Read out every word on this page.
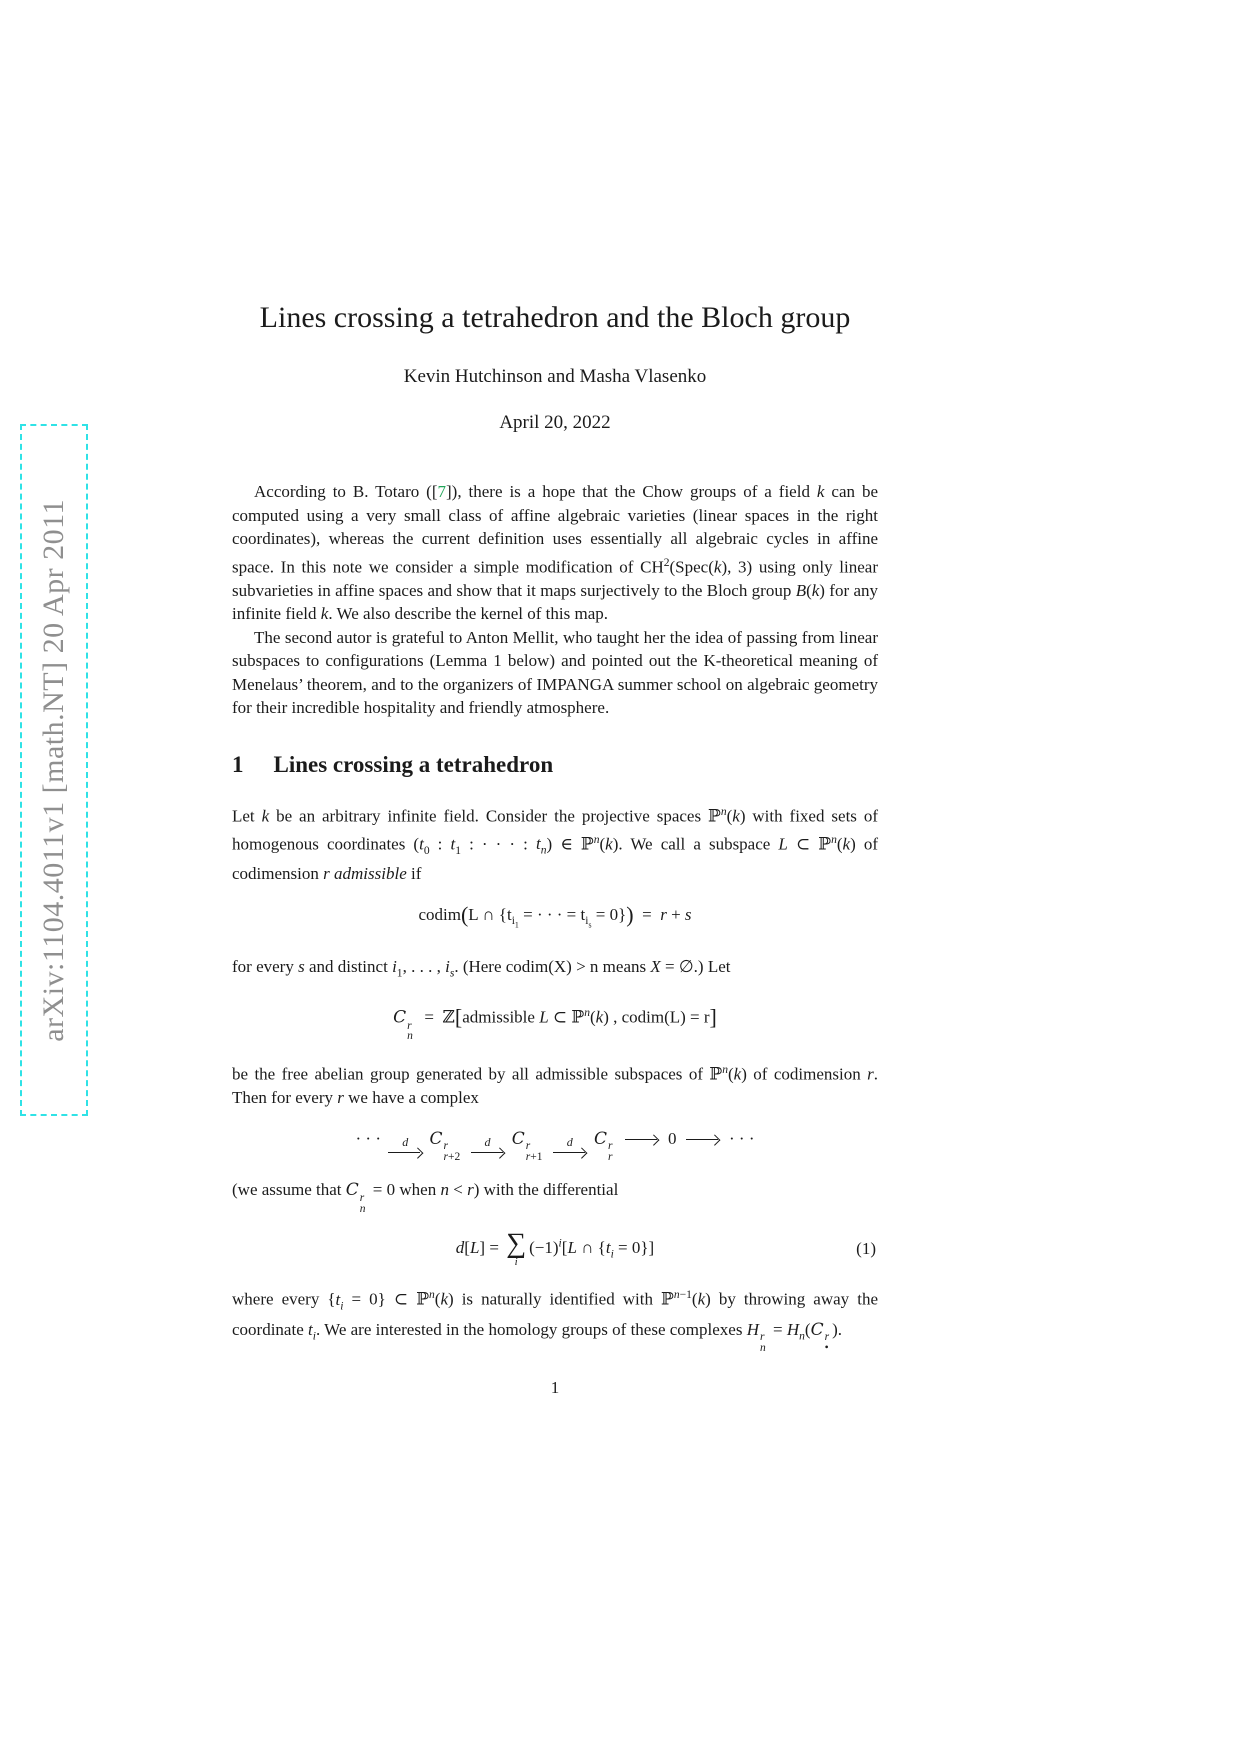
arXiv:1104.4011v1 [math.NT] 20 Apr 2011
Lines crossing a tetrahedron and the Bloch group
Kevin Hutchinson and Masha Vlasenko
April 20, 2022

According to B. Totaro ([7]), there is a hope that the Chow groups of a field k can be computed using a very small class of affine algebraic varieties (linear spaces in the right coordinates), whereas the current definition uses essentially all algebraic cycles in affine space. In this note we consider a simple modification of $CH^2(Spec(k)$, 3) using only linear subvarieties in affine spaces and show that it maps surjectively to the Bloch group B(k) for any infinite field k. We also describe the kernel of this map.

The second autor is grateful to Anton Mellit, who taught her the idea of passing from linear subspaces to configurations (Lemma 1 below) and pointed out the K-theoretical meaning of Menelaus’ theorem, and to the organizers of IMPANGA summer school on algebraic geometry for their incredible hospitality and friendly atmosphere.

1 Lines crossing a tetrahedron

Let k be an arbitrary infinite field. Consider the projective spaces ℙ$^n$(k) with fixed sets of homogenous coordinates ($t_0$ : $t_1$ : · · · : $t_n$) ∈ ℙ$^n$(k). We call a subspace L ⊂ ℙ$^n$(k) of codimension r admissible if

codim(L ∩ {$t_{i_1}$ = · · · = $t_{i_s} = 0\}) = r + s$

for every s and distinct $i_1$, . . . , $i_s$. (Here codim(X) > n means X = ∅.) Let

C r
n
=  ℤ[admissible L ⊂ ℙ$^n$(k) , codim(L) = r]

be the free abelian group generated by all admissible subspaces of ℙ$^n$(k) of codimension r. Then for every r we have a complex

· · · d C r
r+2

d C r
r+1

d C r
r
0	· · ·

(we assume that C r
n
= 0 when n < r) with the differential

d[L] = ∑
i
$(-1)^i[L$ ∩ $\{t_i = 0\}$]	(1)

where every $\{t_i = 0\}$ ⊂ ℙ$^n$(k) is naturally identified with ℙ$^{n-1}$(k) by throwing away the coordinate $t_i$. We are interested in the homology groups of these complexes H r
n
= $H_n(C$ r
•
).

1
